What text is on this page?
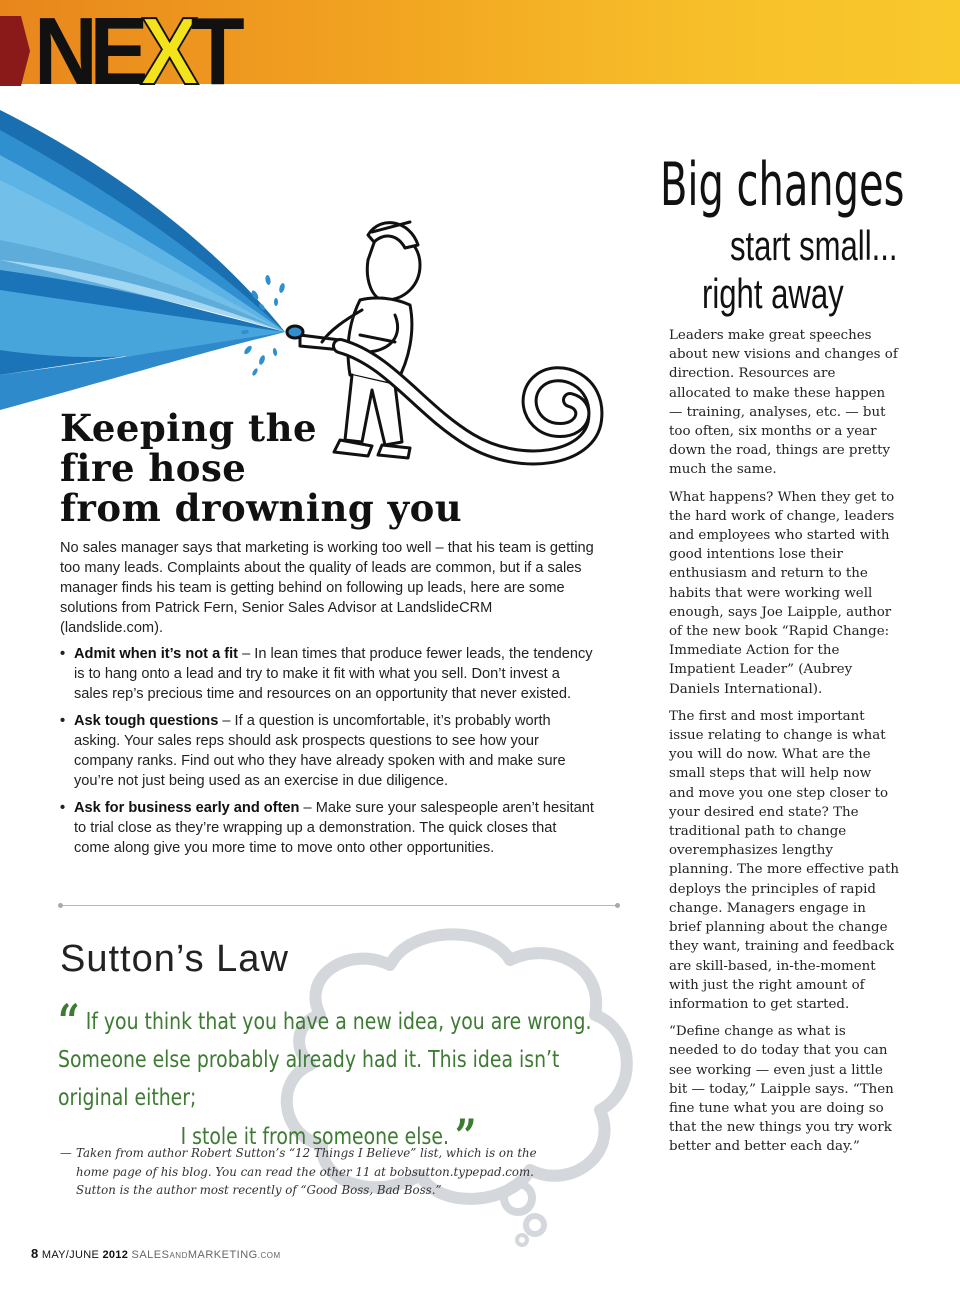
NEXT
Keeping the
fire hose
from drowning you
No sales manager says that marketing is working too well – that his team is getting too many leads. Complaints about the quality of leads are common, but if a sales manager finds his team is getting behind on following up leads, here are some solutions from Patrick Fern, Senior Sales Advisor at LandslideCRM (landslide.com).
• Admit when it’s not a fit – In lean times that produce fewer leads, the tendency is to hang onto a lead and try to make it fit with what you sell. Don’t invest a sales rep’s precious time and resources on an opportunity that never existed.
• Ask tough questions – If a question is uncomfortable, it’s probably worth asking. Your sales reps should ask prospects questions to see how your company ranks. Find out who they have already spoken with and make sure you’re not just being used as an exercise in due diligence.
• Ask for business early and often – Make sure your salespeople aren’t hesitant to trial close as they’re wrapping up a demonstration. The quick closes that come along give you more time to move onto other opportunities.
Sutton’s Law
“ If you think that you have a new idea, you are wrong.
Someone else probably already had it. This idea isn’t original either;
I stole it from someone else. ”
— Taken from author Robert Sutton’s “12 Things I Believe” list, which is on the home page of his blog. You can read the other 11 at bobsutton.typepad.com. Sutton is the author most recently of “Good Boss, Bad Boss.”
8 MAY/JUNE 2012 SALESANDMARKETING.COM
Big changes
start small...
right away

Leaders make great speeches about new visions and changes of direction. Resources are allocated to make these happen — training, analyses, etc. — but too often, six months or a year down the road, things are pretty much the same.

What happens? When they get to the hard work of change, leaders and employees who started with good intentions lose their enthusiasm and return to the habits that were working well enough, says Joe Laipple, author of the new book “Rapid Change: Immediate Action for the Impatient Leader” (Aubrey Daniels International).

The first and most important issue relating to change is what you will do now. What are the small steps that will help now and move you one step closer to your desired end state? The traditional path to change overemphasizes lengthy planning. The more effective path deploys the principles of rapid change. Managers engage in brief planning about the change they want, training and feedback are skill-based, in-the-moment with just the right amount of information to get started.

“Define change as what is needed to do today that you can see working — even just a little bit — today,” Laipple says. “Then fine tune what you are doing so that the new things you try work better and better each day.”
